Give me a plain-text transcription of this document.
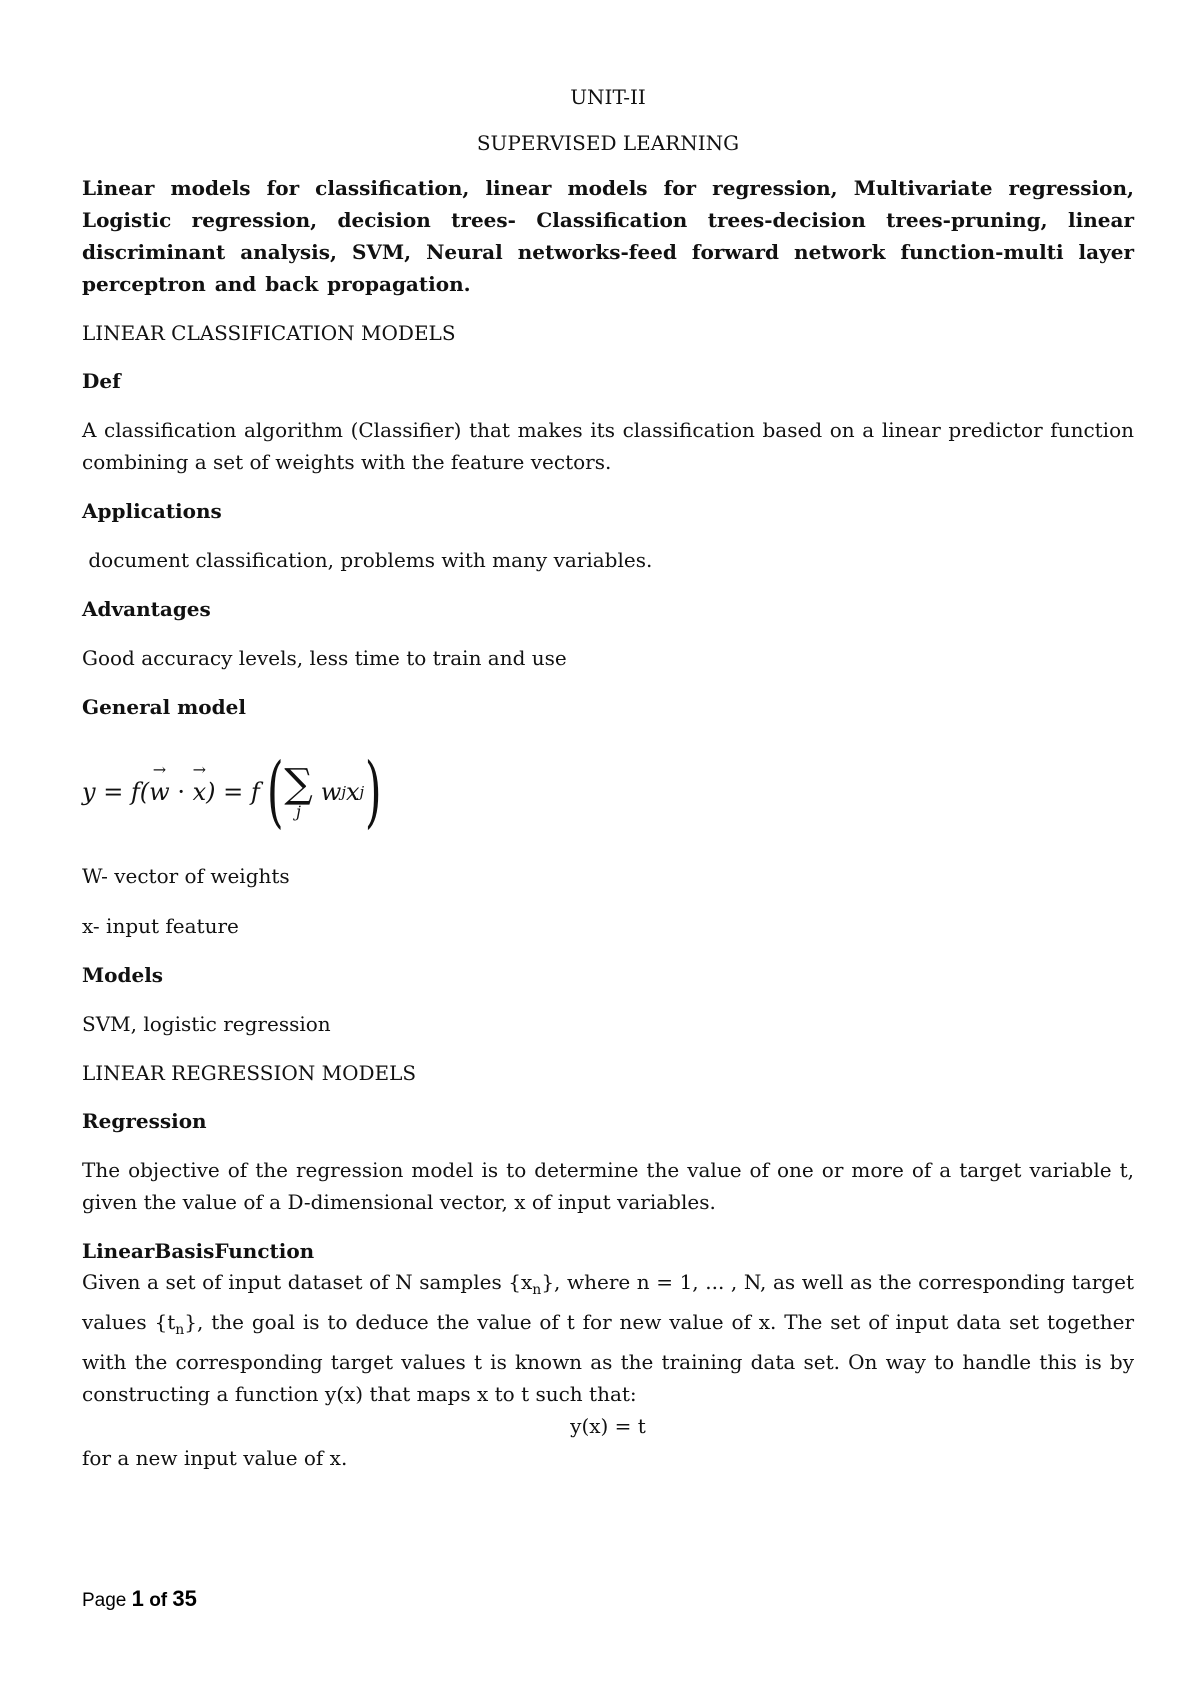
UNIT-II

SUPERVISED LEARNING

Linear models for classification, linear models for regression, Multivariate regression, Logistic regression, decision trees- Classification trees-decision trees-pruning, linear discriminant analysis, SVM, Neural networks-feed forward network function-multi layer perceptron and back propagation.

LINEAR CLASSIFICATION MODELS

Def

A classification algorithm (Classifier) that makes its classification based on a linear predictor function combining a set of weights with the feature vectors.

Applications

document classification, problems with many variables.

Advantages

Good accuracy levels, less time to train and use

General model

y = f( w → · x → ) = f ( ∑
j
w j x j )

W- vector of weights

x- input feature

Models

SVM, logistic regression

LINEAR REGRESSION MODELS

Regression

The objective of the regression model is to determine the value of one or more of a target variable t, given the value of a D-dimensional vector, x of input variables.

LinearBasisFunction

Given a set of input dataset of N samples $\{x_n\}$, where n = 1, ... , N, as well as the corresponding target values $\{t_n\}$, the goal is to deduce the value of t for new value of x. The set of input data set together with the corresponding target values t is known as the training data set. On way to handle this is by constructing a function y(x) that maps x to t such that:

y(x) = t

for a new input value of x.

Page 1 of 35
